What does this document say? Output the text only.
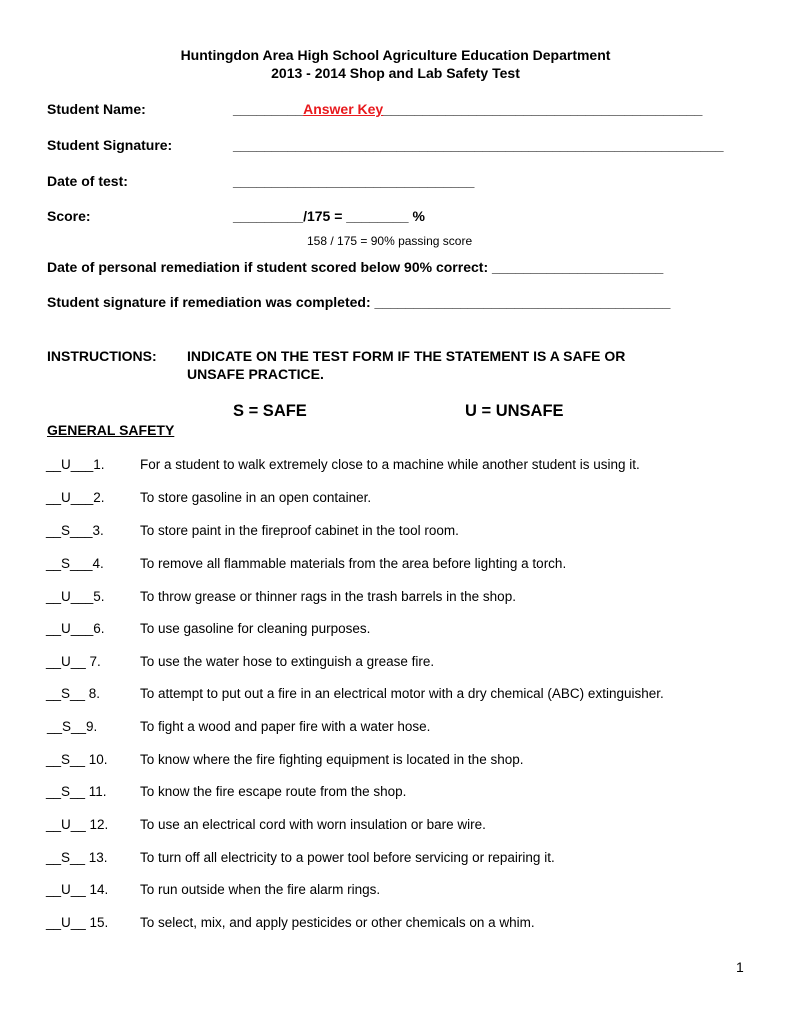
Huntingdon Area High School Agriculture Education Department
2013 - 2014 Shop and Lab Safety Test
Student Name:	_________Answer Key_________________________________________
Student Signature:	_______________________________________________________________
Date of test:	_______________________________
Score:	_________/175 = ________ %
158 / 175 = 90% passing score
Date of personal remediation if student scored below 90% correct: ______________________
Student signature if remediation was completed: ______________________________________
INSTRUCTIONS: INDICATE ON THE TEST FORM IF THE STATEMENT IS A SAFE OR
UNSAFE PRACTICE.
S = SAFE	U = UNSAFE
GENERAL SAFETY
__U___1.	For a student to walk extremely close to a machine while another student is using it.
__U___2.	To store gasoline in an open container.
__S___3.	To store paint in the fireproof cabinet in the tool room.
__S___4.	To remove all flammable materials from the area before lighting a torch.
__U___5.	To throw grease or thinner rags in the trash barrels in the shop.
__U___6.	To use gasoline for cleaning purposes.
__U__ 7.	To use the water hose to extinguish a grease fire.
__S__ 8.	To attempt to put out a fire in an electrical motor with a dry chemical (ABC) extinguisher.
__S__9.	To fight a wood and paper fire with a water hose.
__S__ 10. To know where the fire fighting equipment is located in the shop.
__S__ 11. To know the fire escape route from the shop.
__U__ 12. To use an electrical cord with worn insulation or bare wire.
__S__ 13. To turn off all electricity to a power tool before servicing or repairing it.
__U__ 14. To run outside when the fire alarm rings.
__U__ 15. To select, mix, and apply pesticides or other chemicals on a whim.
1
